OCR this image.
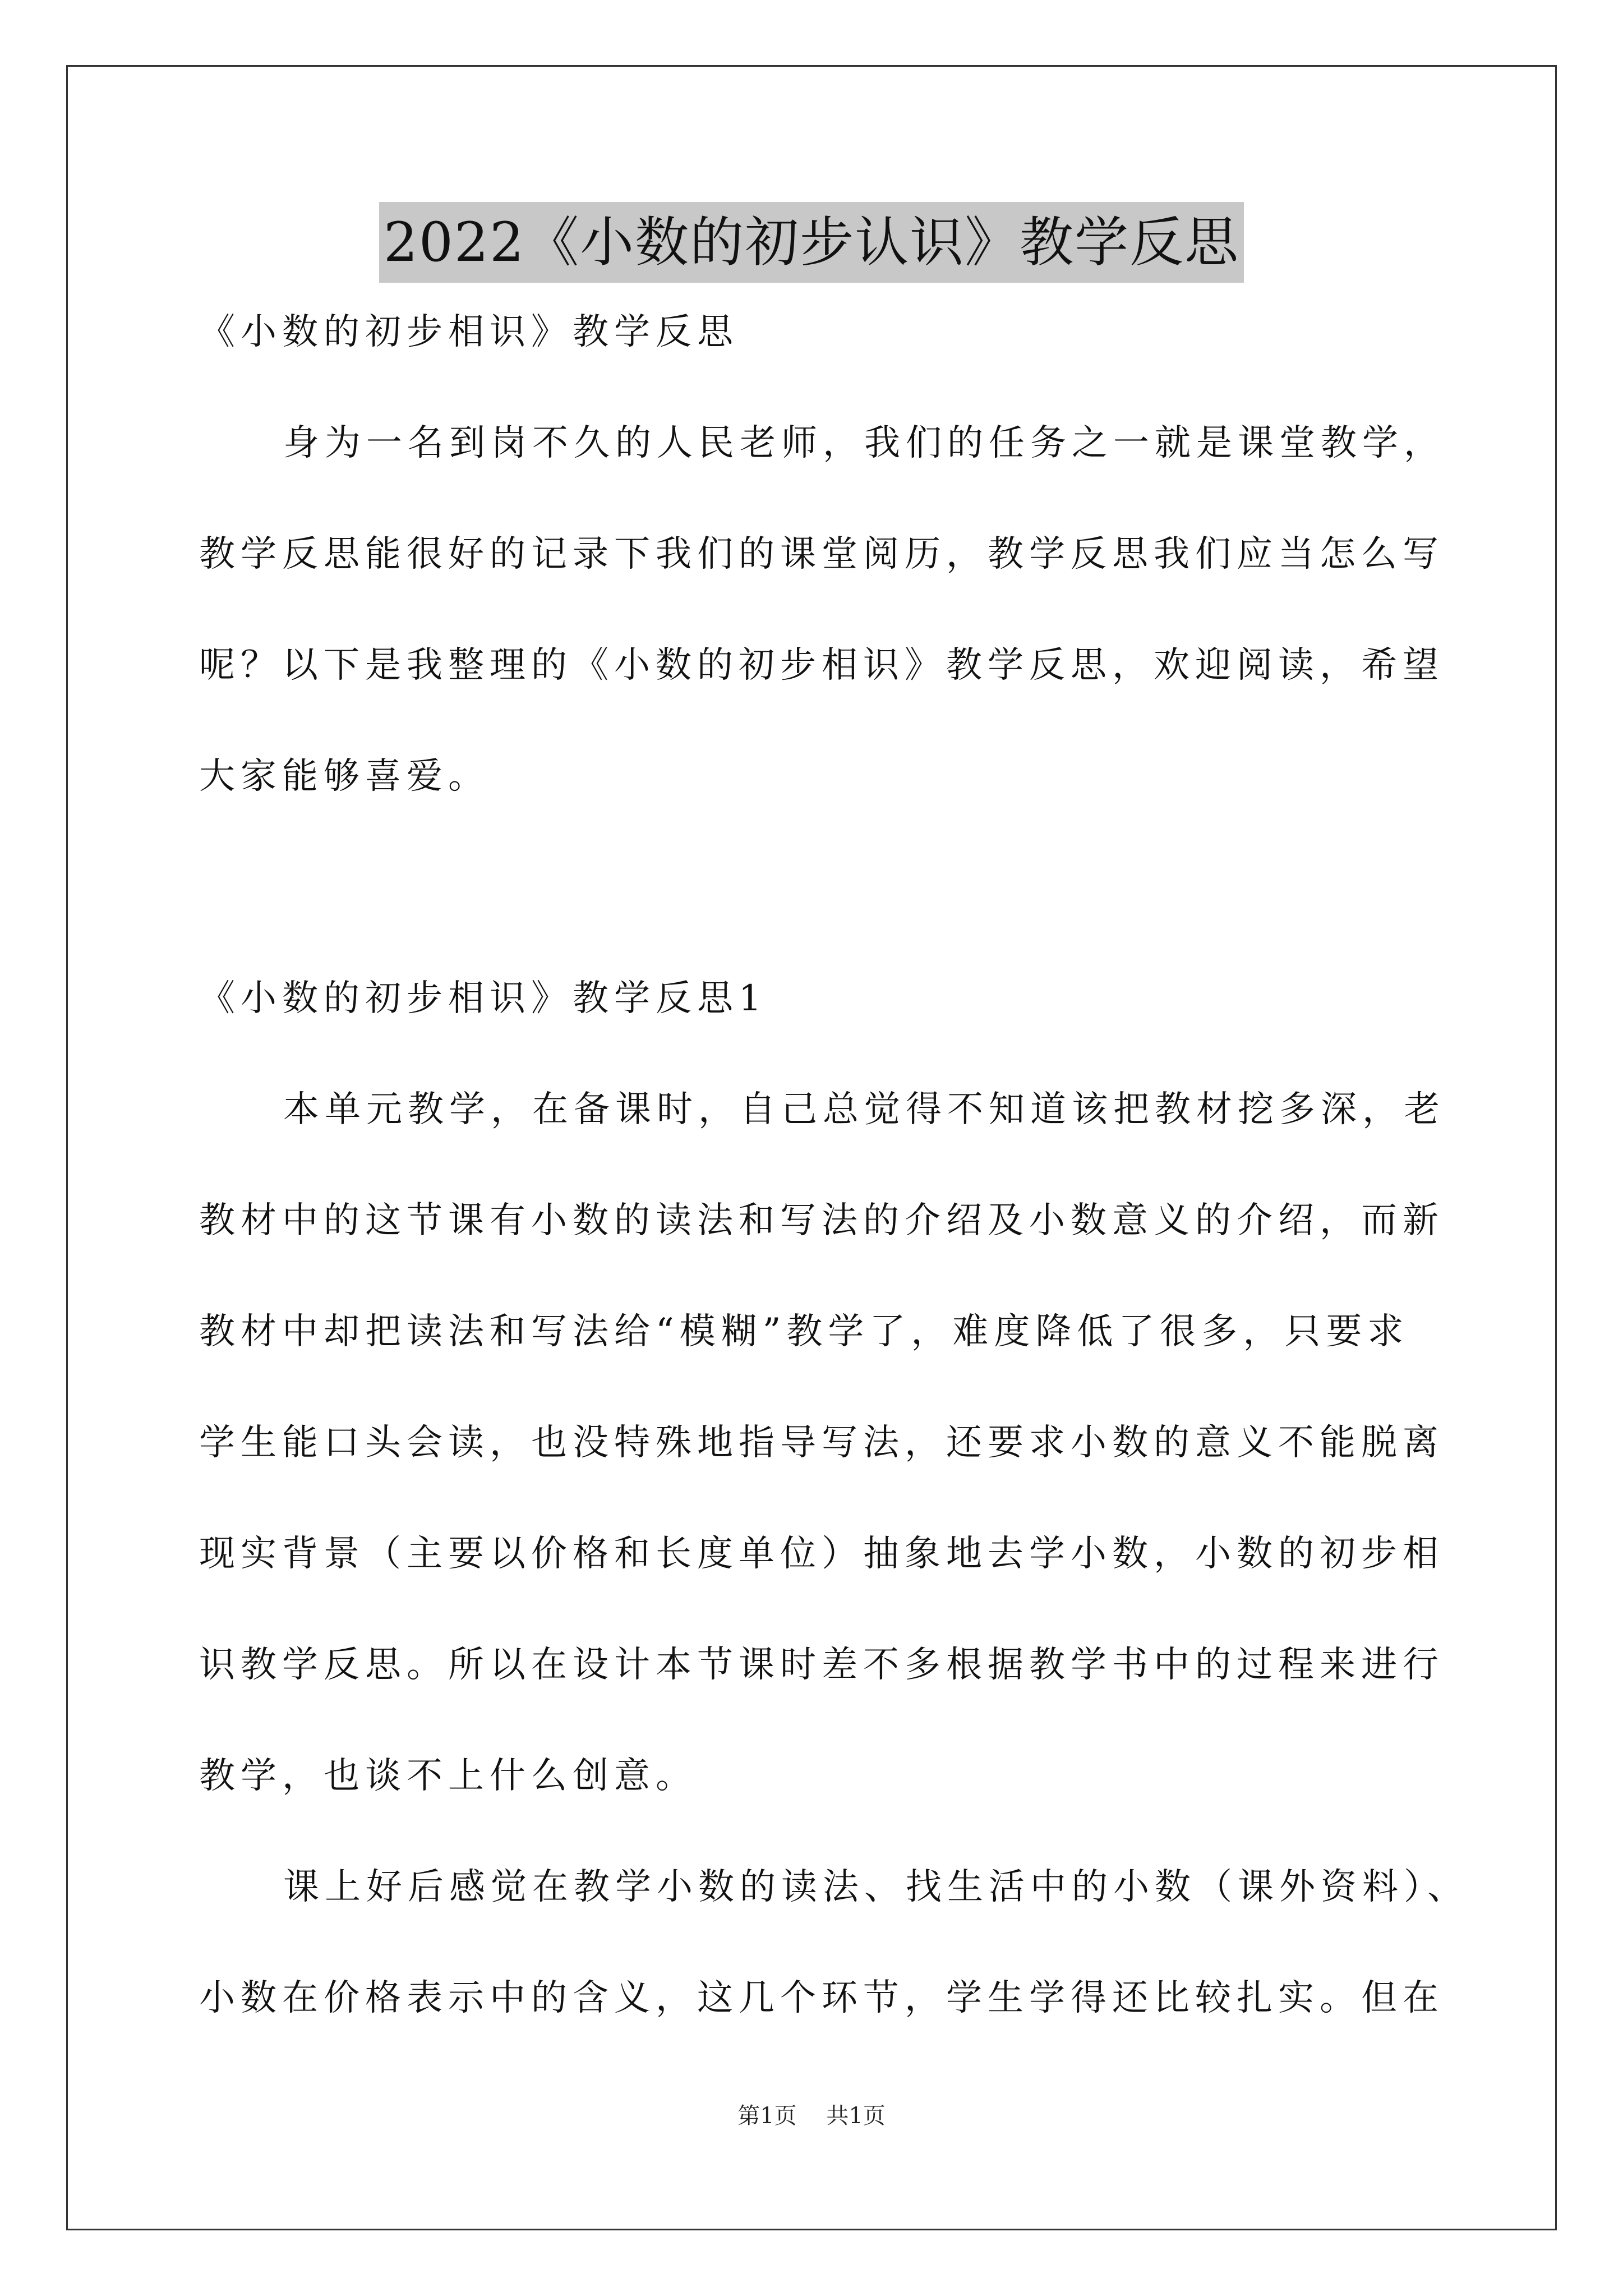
2022《小数的初步认识》教学反思
《小数的初步相识》教学反思
身为一名到岗不久的人民老师，我们的任务之一就是课堂教学，
教学反思能很好的记录下我们的课堂阅历，教学反思我们应当怎么写
呢？以下是我整理的《小数的初步相识》教学反思，欢迎阅读，希望
大家能够喜爱。
《小数的初步相识》教学反思1
本单元教学，在备课时，自己总觉得不知道该把教材挖多深，老
教材中的这节课有小数的读法和写法的介绍及小数意义的介绍，而新
教材中却把读法和写法给“模糊”教学了，难度降低了很多，只要求
学生能口头会读，也没特殊地指导写法，还要求小数的意义不能脱离
现实背景（主要以价格和长度单位）抽象地去学小数，小数的初步相
识教学反思。所以在设计本节课时差不多根据教学书中的过程来进行
教学，也谈不上什么创意。
课上好后感觉在教学小数的读法、找生活中的小数（课外资料）、
小数在价格表示中的含义，这几个环节，学生学得还比较扎实。但在
第1页 共1页
